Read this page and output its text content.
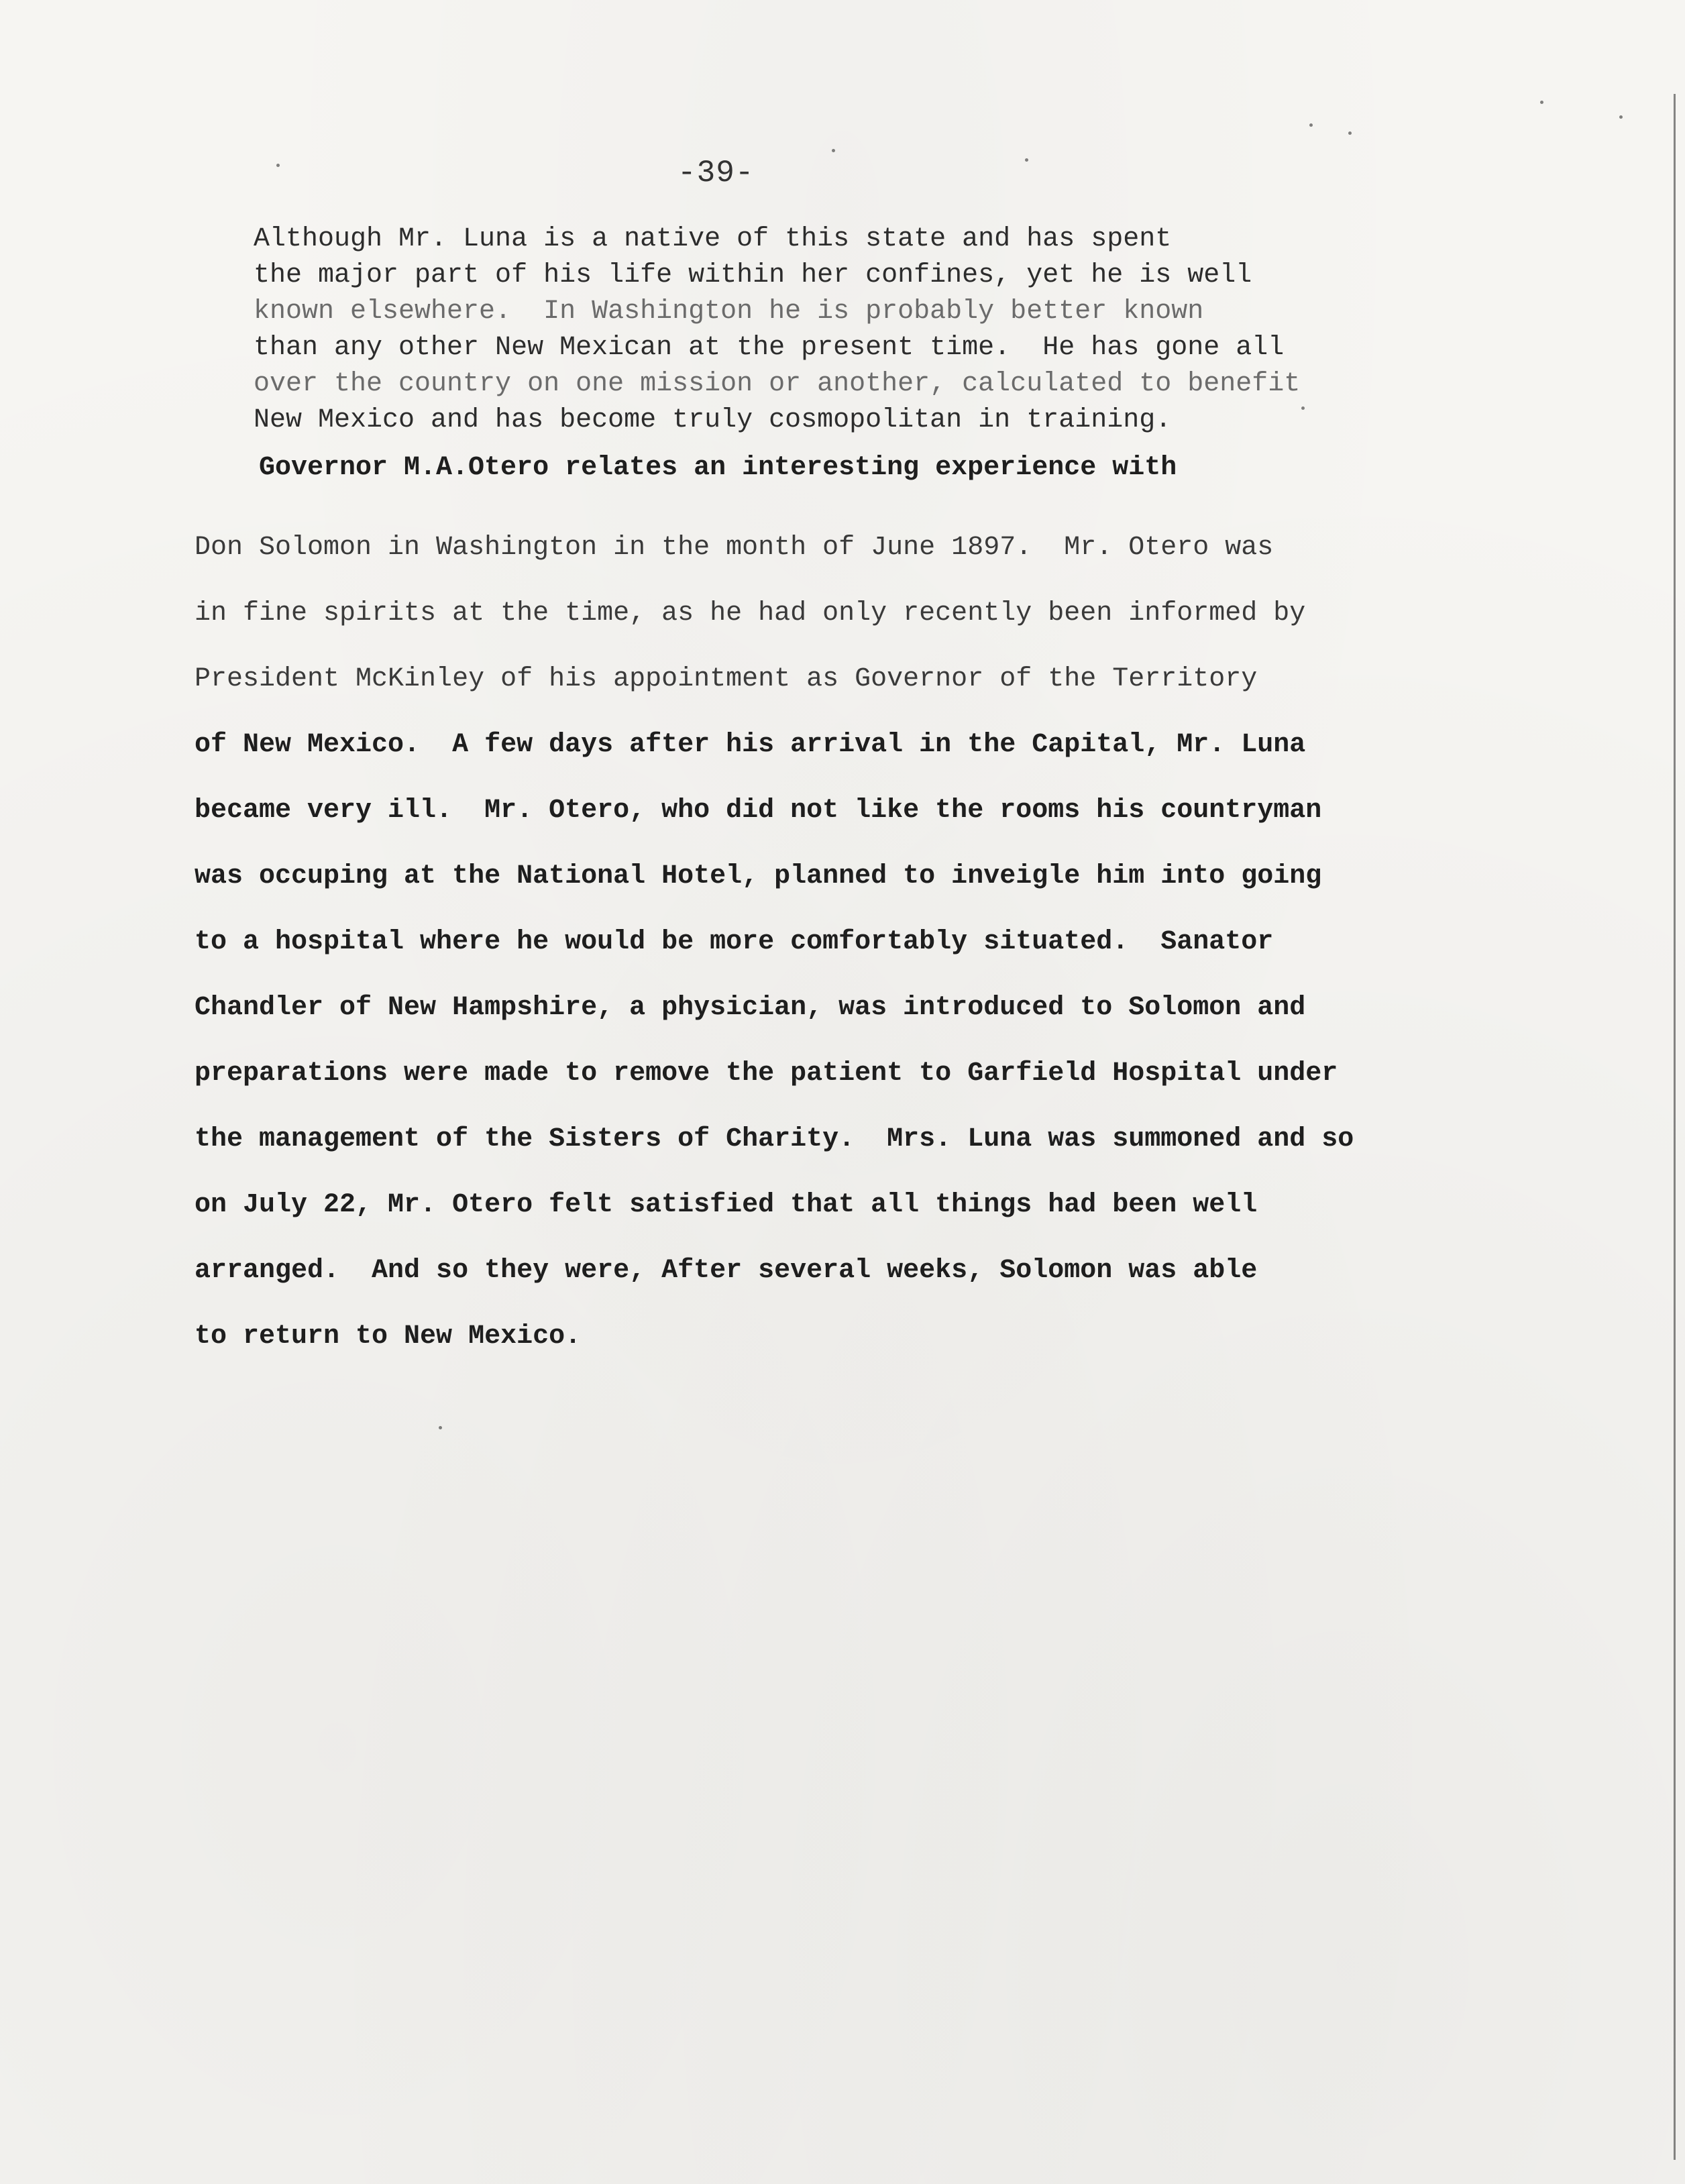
-39-
Although Mr. Luna is a native of this state and has spent
the major part of his life within her confines, yet he is well
known elsewhere.  In Washington he is probably better known
than any other New Mexican at the present time.  He has gone all
over the country on one mission or another, calculated to benefit
New Mexico and has become truly cosmopolitan in training.
Governor M.A.Otero relates an interesting experience with
Don Solomon in Washington in the month of June 1897.  Mr. Otero was
in fine spirits at the time, as he had only recently been informed by
President McKinley of his appointment as Governor of the Territory
of New Mexico.  A few days after his arrival in the Capital, Mr. Luna
became very ill.  Mr. Otero, who did not like the rooms his countryman
was occuping at the National Hotel, planned to inveigle him into going
to a hospital where he would be more comfortably situated.  Sanator
Chandler of New Hampshire, a physician, was introduced to Solomon and
preparations were made to remove the patient to Garfield Hospital under
the management of the Sisters of Charity.  Mrs. Luna was summoned and so
on July 22, Mr. Otero felt satisfied that all things had been well
arranged.  And so they were, After several weeks, Solomon was able
to return to New Mexico.
